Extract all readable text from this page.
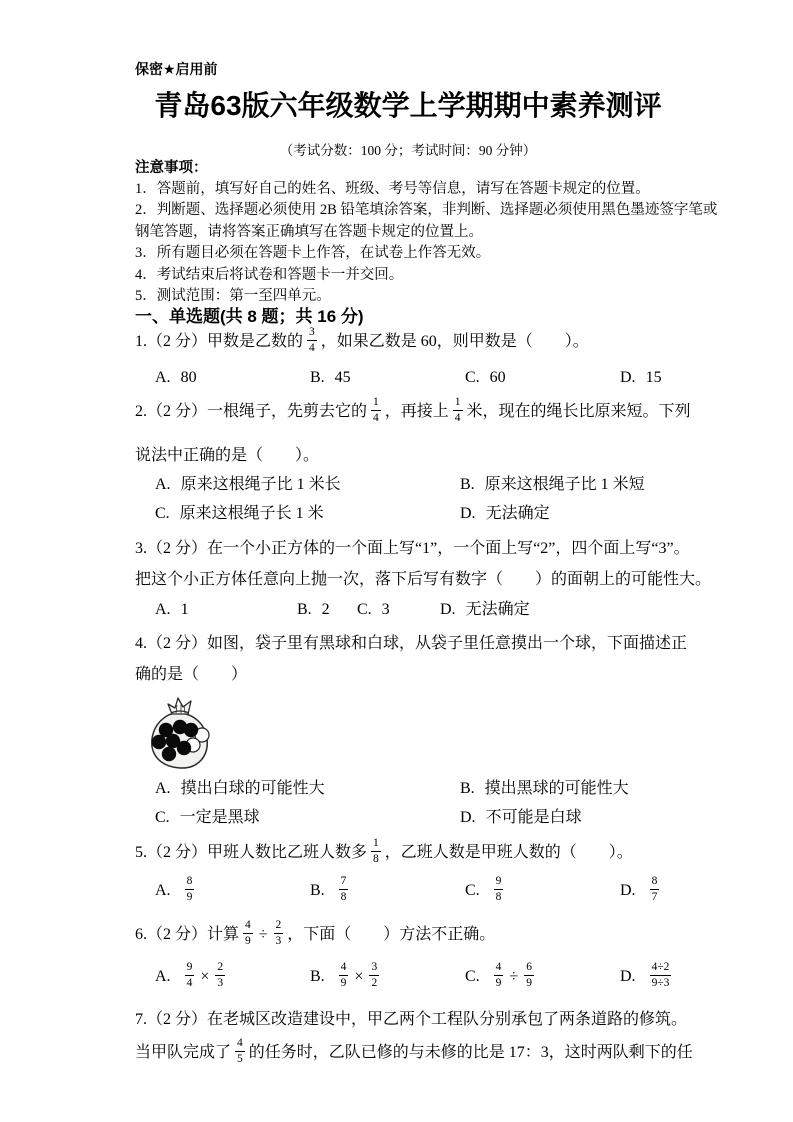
保密★启用前
青岛63版六年级数学上学期期中素养测评
（考试分数：100 分；考试时间：90 分钟）
注意事项：
1．答题前，填写好自己的姓名、班级、考号等信息，请写在答题卡规定的位置。
2．判断题、选择题必须使用 2B 铅笔填涂答案，非判断、选择题必须使用黑色墨迹签字笔或
钢笔答题，请将答案正确填写在答题卡规定的位置上。
3．所有题目必须在答题卡上作答，在试卷上作答无效。
4．考试结束后将试卷和答题卡一并交回。
5．测试范围：第一至四单元。
一、单选题(共 8 题；共 16 分)
1.（2 分）甲数是乙数的 $\frac{3}{4}$ ，如果乙数是 60，则甲数是（　　）。
A. 80	B. 45	C. 60	D. 15
2.（2 分）一根绳子，先剪去它的 $\frac{1}{4}$ ，再接上 $\frac{1}{4}$ 米，现在的绳长比原来短。下列
说法中正确的是（　　）。
A. 原来这根绳子比 1 米长	B. 原来这根绳子比 1 米短
C. 原来这根绳子长 1 米	D. 无法确定
3.（2 分）在一个小正方体的一个面上写“1”，一个面上写“2”，四个面上写“3”。
把这个小正方体任意向上抛一次，落下后写有数字（　　）的面朝上的可能性大。
A. 1	B. 2	C. 3	D. 无法确定
4.（2 分）如图，袋子里有黑球和白球，从袋子里任意摸出一个球，下面描述正
确的是（　　）
A. 摸出白球的可能性大	B. 摸出黑球的可能性大
C. 一定是黑球	D. 不可能是白球
5.（2 分）甲班人数比乙班人数多 $\frac{1}{8}$ ，乙班人数是甲班人数的（　　）。
A. $\frac{8}{9}$	B. $\frac{7}{8}$	C. $\frac{9}{8}$	D. $\frac{8}{7}$
6.（2 分）计算 $\frac{4}{9} \div \frac{2}{3}$ ，下面（　　）方法不正确。
A. $\frac{9}{4} \times \frac{2}{3}$	B. $\frac{4}{9} \times \frac{3}{2}$	C. $\frac{4}{9} \div \frac{6}{9}$	D. $\frac{4\div 2}{9\div 3}$
7.（2 分）在老城区改造建设中，甲乙两个工程队分别承包了两条道路的修筑。
当甲队完成了 $\frac{4}{5}$ 的任务时，乙队已修的与未修的比是 17：3，这时两队剩下的任
